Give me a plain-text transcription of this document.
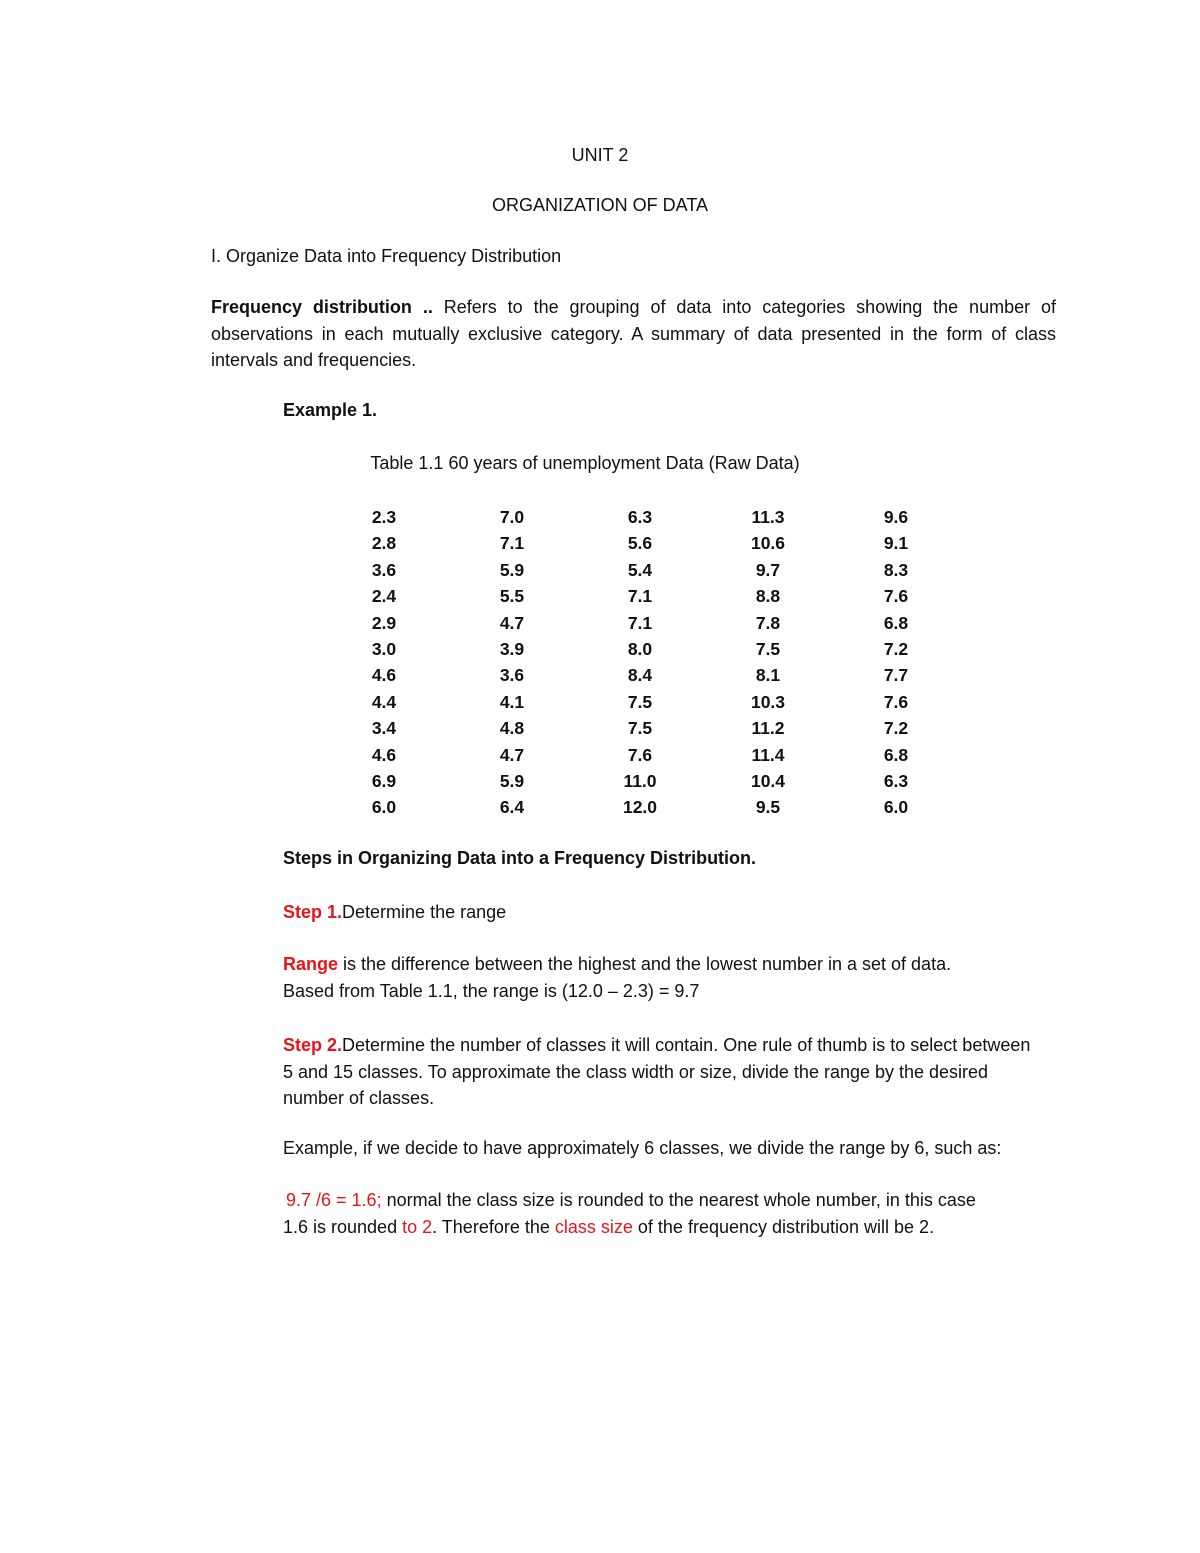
UNIT 2
ORGANIZATION OF DATA
I. Organize Data into Frequency Distribution
Frequency distribution .. Refers to the grouping of data into categories showing the number of observations in each mutually exclusive category. A summary of data presented in the form of class intervals and frequencies.
Example 1.
Table 1.1 60 years of unemployment Data (Raw Data)
2.3	7.0	6.3	11.3	9.6
2.8	7.1	5.6	10.6	9.1
3.6	5.9	5.4	9.7	8.3
2.4	5.5	7.1	8.8	7.6
2.9	4.7	7.1	7.8	6.8
3.0	3.9	8.0	7.5	7.2
4.6	3.6	8.4	8.1	7.7
4.4	4.1	7.5	10.3	7.6
3.4	4.8	7.5	11.2	7.2
4.6	4.7	7.6	11.4	6.8
6.9	5.9	11.0	10.4	6.3
6.0	6.4	12.0	9.5	6.0
Steps in Organizing Data into a Frequency Distribution.
Step 1.Determine the range
Range is the difference between the highest and the lowest number in a set of data.
Based from Table 1.1, the range is (12.0 – 2.3) = 9.7
Step 2.Determine the number of classes it will contain. One rule of thumb is to select between 5 and 15 classes. To approximate the class width or size, divide the range by the desired number of classes.
Example, if we decide to have approximately 6 classes, we divide the range by 6, such as:
9.7 /6 = 1.6; normal the class size is rounded to the nearest whole number, in this case
1.6 is rounded to 2. Therefore the class size of the frequency distribution will be 2.
